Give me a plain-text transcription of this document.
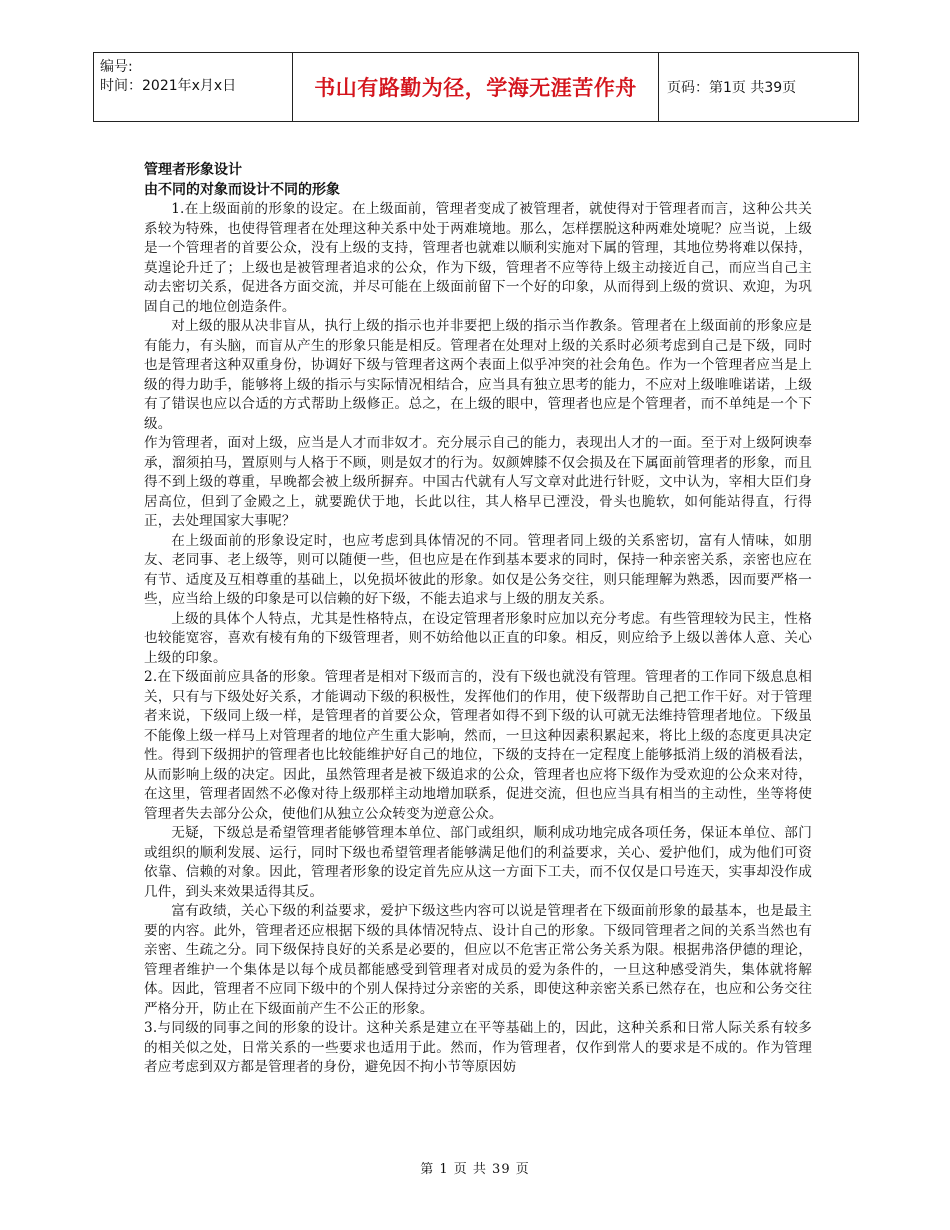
编号:
时间：2021年x月x日	书山有路勤为径，学海无涯苦作舟	页码：第1页 共39页

管理者形象设计

由不同的对象而设计不同的形象

1.在上级面前的形象的设定。在上级面前，管理者变成了被管理者，就使得对于管理者而言，这种公共关系较为特殊，也使得管理者在处理这种关系中处于两难境地。那么，怎样摆脱这种两难处境呢？应当说，上级是一个管理者的首要公众，没有上级的支持，管理者也就难以顺利实施对下属的管理，其地位势将难以保持，莫遑论升迁了；上级也是被管理者追求的公众，作为下级，管理者不应等待上级主动接近自己，而应当自己主动去密切关系，促进各方面交流，并尽可能在上级面前留下一个好的印象，从而得到上级的赏识、欢迎，为巩固自己的地位创造条件。

对上级的服从决非盲从，执行上级的指示也并非要把上级的指示当作教条。管理者在上级面前的形象应是有能力，有头脑，而盲从产生的形象只能是相反。管理者在处理对上级的关系时必须考虑到自己是下级，同时也是管理者这种双重身份，协调好下级与管理者这两个表面上似乎冲突的社会角色。作为一个管理者应当是上级的得力助手，能够将上级的指示与实际情况相结合，应当具有独立思考的能力，不应对上级唯唯诺诺，上级有了错误也应以合适的方式帮助上级修正。总之，在上级的眼中，管理者也应是个管理者，而不单纯是一个下级。

作为管理者，面对上级，应当是人才而非奴才。充分展示自己的能力，表现出人才的一面。至于对上级阿谀奉承，溜须拍马，置原则与人格于不顾，则是奴才的行为。奴颜婢膝不仅会损及在下属面前管理者的形象，而且得不到上级的尊重，早晚都会被上级所摒弃。中国古代就有人写文章对此进行针贬，文中认为，宰相大臣们身居高位，但到了金殿之上，就要跪伏于地，长此以往，其人格早已湮没，骨头也脆软，如何能站得直，行得正，去处理国家大事呢？

在上级面前的形象设定时，也应考虑到具体情况的不同。管理者同上级的关系密切，富有人情味，如朋友、老同事、老上级等，则可以随便一些，但也应是在作到基本要求的同时，保持一种亲密关系，亲密也应在有节、适度及互相尊重的基础上，以免损坏彼此的形象。如仅是公务交往，则只能理解为熟悉，因而要严格一些，应当给上级的印象是可以信赖的好下级，不能去追求与上级的朋友关系。

上级的具体个人特点，尤其是性格特点，在设定管理者形象时应加以充分考虑。有些管理较为民主，性格也较能宽容，喜欢有棱有角的下级管理者，则不妨给他以正直的印象。相反，则应给予上级以善体人意、关心上级的印象。

2.在下级面前应具备的形象。管理者是相对下级而言的，没有下级也就没有管理。管理者的工作同下级息息相关，只有与下级处好关系，才能调动下级的积极性，发挥他们的作用，使下级帮助自己把工作干好。对于管理者来说，下级同上级一样，是管理者的首要公众，管理者如得不到下级的认可就无法维持管理者地位。下级虽不能像上级一样马上对管理者的地位产生重大影响，然而，一旦这种因素积累起来，将比上级的态度更具决定性。得到下级拥护的管理者也比较能维护好自己的地位，下级的支持在一定程度上能够抵消上级的消极看法，从而影响上级的决定。因此，虽然管理者是被下级追求的公众，管理者也应将下级作为受欢迎的公众来对待，在这里，管理者固然不必像对待上级那样主动地增加联系，促进交流，但也应当具有相当的主动性，坐等将使管理者失去部分公众，使他们从独立公众转变为逆意公众。

无疑，下级总是希望管理者能够管理本单位、部门或组织，顺利成功地完成各项任务，保证本单位、部门或组织的顺利发展、运行，同时下级也希望管理者能够满足他们的利益要求，关心、爱护他们，成为他们可资依靠、信赖的对象。因此，管理者形象的设定首先应从这一方面下工夫，而不仅仅是口号连天，实事却没作成几件，到头来效果适得其反。

富有政绩，关心下级的利益要求，爱护下级这些内容可以说是管理者在下级面前形象的最基本，也是最主要的内容。此外，管理者还应根据下级的具体情况特点、设计自己的形象。下级同管理者之间的关系当然也有亲密、生疏之分。同下级保持良好的关系是必要的，但应以不危害正常公务关系为限。根据弗洛伊德的理论，管理者维护一个集体是以每个成员都能感受到管理者对成员的爱为条件的，一旦这种感受消失，集体就将解体。因此，管理者不应同下级中的个别人保持过分亲密的关系，即使这种亲密关系已然存在，也应和公务交往严格分开，防止在下级面前产生不公正的形象。

3.与同级的同事之间的形象的设计。这种关系是建立在平等基础上的，因此，这种关系和日常人际关系有较多的相关似之处，日常关系的一些要求也适用于此。然而，作为管理者，仅作到常人的要求是不成的。作为管理者应考虑到双方都是管理者的身份，避免因不拘小节等原因妨

第 1 页 共 39 页
